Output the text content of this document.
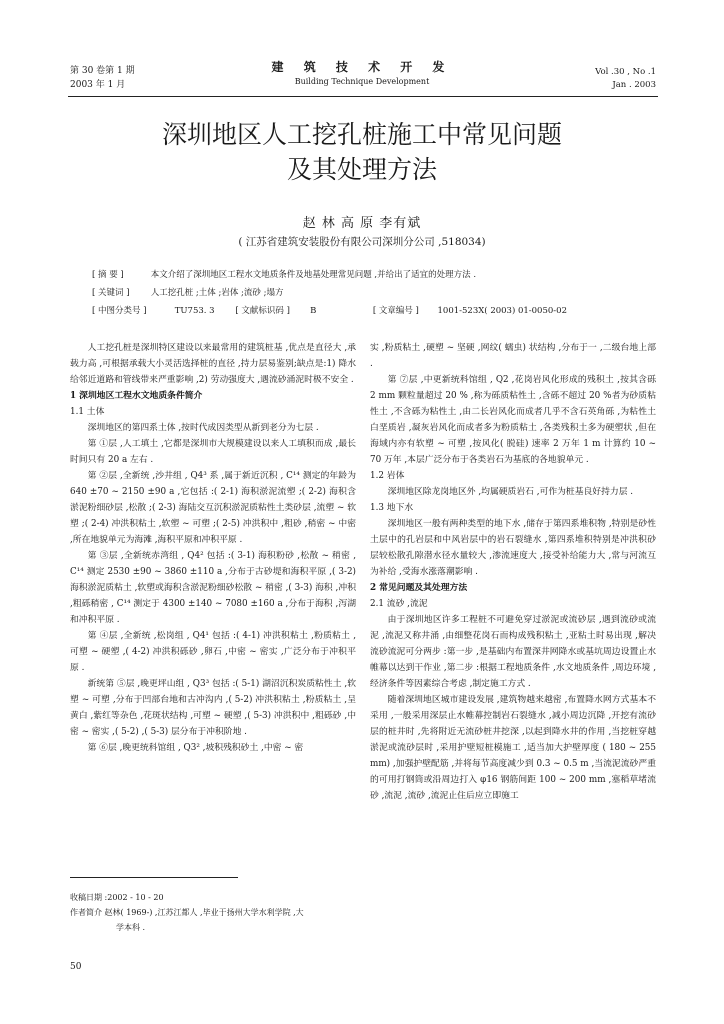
第 30 卷第 1 期
2003 年 1 月
建 筑 技 术 开 发
Building Technique Development
Vol .30 , No .1
Jan . 2003
深圳地区人工挖孔桩施工中常见问题
及其处理方法
赵 林 高 原 李有斌
( 江苏省建筑安装股份有限公司深圳分公司 ,518034)
[ 摘 要 ]	本文介绍了深圳地区工程水文地质条件及地基处理常见问题 ,并给出了适宜的处理方法 .
[ 关键词 ] 人工挖孔桩 ;土体 ;岩体 ;流砂 ;塌方
[ 中图分类号 ]	TU753. 3 [ 文献标识码 ] B	[ 文章编号 ] 1001-523X( 2003) 01-0050-02

人工挖孔桩是深圳特区建设以来最常用的建筑桩基 ,优点是直径大 ,承载力高 ,可根据承载大小灵活选择桩的直径 ,持力层易鉴别;缺点是:1) 降水给邻近道路和管线带来严重影响 ,2) 劳动强度大 ,遇流砂涌泥时极不安全 .

1 深圳地区工程水文地质条件简介

1.1 土体

深圳地区的第四系土体 ,按时代成因类型从新到老分为七层 .

第 ①层 ,人工填土 ,它都是深圳市大规模建设以来人工填积而成 ,最长时间只有 20 a 左右 .

第 ②层 ,全新统 ,沙井组 , Q4³ 系 ,属于新近沉积 , C¹⁴ 测定的年龄为 640 ±70 ~ 2150 ±90 a ,它包括 :( 2-1) 海积淤泥流塑 ;( 2-2) 海积含淤泥粉细砂层 ,松散 ;( 2-3) 海陆交互沉积淤泥质粘性土类砂层 ,流塑 ~ 软塑 ;( 2-4) 冲洪积粘土 ,软塑 ~ 可塑 ;( 2-5) 冲洪积中 ,粗砂 ,稍密 ~ 中密 ,所在地貌单元为海滩 ,海积平原和冲积平原 .

第 ③层 ,全新统赤湾组 , Q4² 包括 :( 3-1) 海积粉砂 ,松散 ~ 稍密 , C¹⁴ 测定 2530 ±90 ~ 3860 ±110 a ,分布于古砂堤和海积平原 ,( 3-2) 海积淤泥质粘土 ,软塑或海积含淤泥粉细砂松散 ~ 稍密 ,( 3-3) 海积 ,冲积 ,粗砾稍密 , C¹⁴ 测定于 4300 ±140 ~ 7080 ±160 a ,分布于海积 ,泻湖和冲积平原 .

第 ④层 ,全新统 ,松岗组 , Q4¹ 包括 :( 4-1) 冲洪积粘土 ,粉质粘土 ,可塑 ~ 硬塑 ,( 4-2) 冲洪积砾砂 ,卵石 ,中密 ~ 密实 ,广泛分布于冲积平原 .

新统第 ⑤层 ,晚更坪山组 , Q3³ 包括 :( 5-1) 湖沼沉积炭质粘性土 ,软塑 ~ 可塑 ,分布于凹部台地和古冲沟内 ,( 5-2) 冲洪积粘土 ,粉质粘土 ,呈黄白 ,紫红等杂色 ,花斑状结构 ,可塑 ~ 硬塑 ,( 5-3) 冲洪积中 ,粗砾砂 ,中密 ~ 密实 ,( 5-2) ,( 5-3) 层分布于冲积阶地 .

第 ⑥层 ,晚更统科馆组 , Q3² ,坡积残积砂土 ,中密 ~ 密

实 ,粉质粘土 ,硬塑 ~ 坚硬 ,网纹( 蠕虫) 状结构 ,分布于一 ,二级台地上部 .

第 ⑦层 ,中更新统科馆组 , Q2 ,花岗岩风化形成的残积土 ,按其含砾 2 mm 颗粒量超过 20 % ,称为砾质粘性土 ,含砾不超过 20 %者为砂质粘性土 ,不含砾为粘性土 ,由二长岩风化而成者几乎不含石英角砾 ,为粘性土白垩质岩 ,凝灰岩风化而成者多为粉质粘土 ,各类残积土多为硬塑状 ,但在海域内亦有软塑 ~ 可塑 ,按风化( 脱硅) 速率 2 万年 1 m 计算约 10 ~ 70 万年 ,本层广泛分布于各类岩石为基底的各地貌单元 .

1.2 岩体

深圳地区除龙岗地区外 ,均属硬质岩石 ,可作为桩基良好持力层 .

1.3 地下水

深圳地区一般有两种类型的地下水 ,储存于第四系堆积物 ,特别是砂性土层中的孔岩层和中风岩层中的岩石裂缝水 ,第四系堆积特别是冲洪积砂层较松散孔隙潜水径水量较大 ,渗流速度大 ,接受补给能力大 ,常与河流互为补给 ,受海水涨落潮影响 .

2 常见问题及其处理方法

2.1 流砂 ,流泥

由于深圳地区许多工程桩不可避免穿过淤泥或流砂层 ,遇到流砂或流泥 ,流泥又称井涌 ,由细整花岗石而构成残积粘土 ,亚粘土时易出现 ,解决流砂流泥可分两步 :第一步 ,是基础内布置深井网降水或基坑周边设置止水帷幕以达到干作业 ,第二步 :根据工程地质条件 ,水文地质条件 ,周边环境 ,经济条件等因素综合考虑 ,制定施工方式 .

随着深圳地区城市建设发展 ,建筑物越来越密 ,布置降水网方式基本不采用 ,一般采用深层止水帷幕控制岩石裂缝水 ,减小周边沉降 ,开挖有流砂层的桩井时 ,先将附近无流砂桩井挖深 ,以起到降水井的作用 ,当挖桩穿越淤泥或流砂层时 ,采用护壁短桩模施工 ,适当加大护壁厚度 ( 180 ~ 255 mm) ,加强护壁配筋 ,并将每节高度减少到 0.3 ~ 0.5 m ,当流泥流砂严重的可用打钢筒或沿周边打入 φ16 钢筋间距 100 ~ 200 mm ,塞稻草堵流砂 ,流泥 ,流砂 ,流泥止住后应立即施工

收稿日期 :2002 - 10 - 20
作者简介 赵林( 1969-) ,江苏江都人 ,毕业于扬州大学水利学院 ,大
学本科 .
50
